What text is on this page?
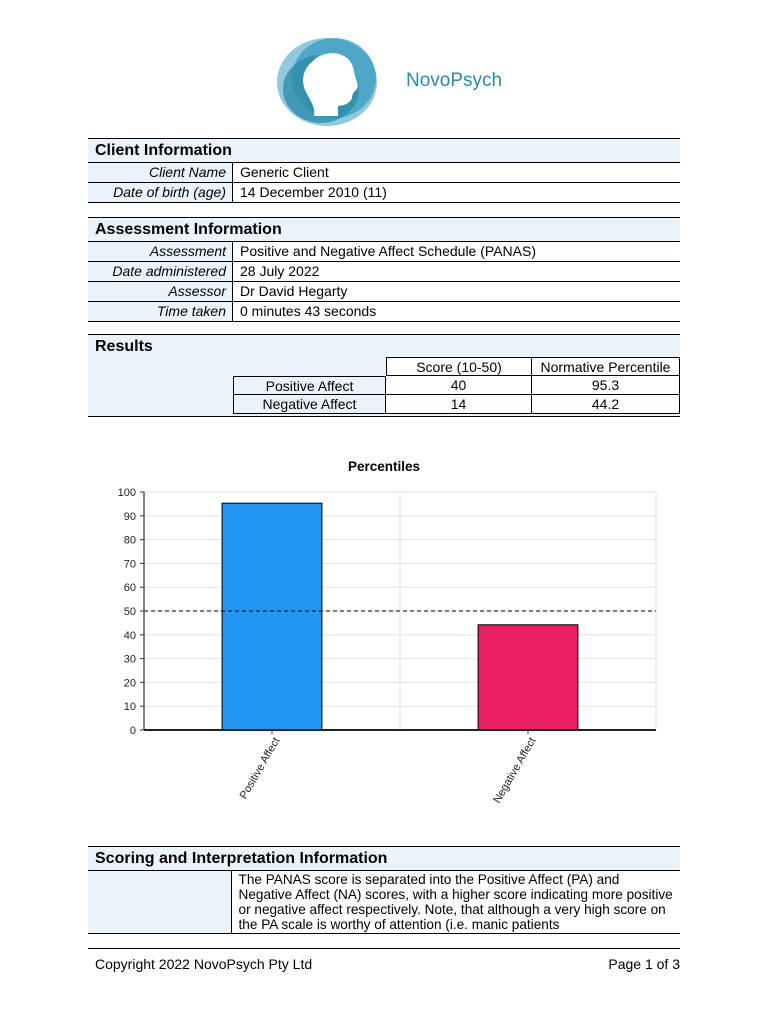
NovoPsych
Client Information
Client Name	Generic Client
Date of birth (age)	14 December 2010 (11)
Assessment Information
Assessment	Positive and Negative Affect Schedule (PANAS)
Date administered	28 July 2022
Assessor	Dr David Hegarty
Time taken	0 minutes 43 seconds
Results
Score (10-50)	Normative Percentile
Positive Affect	40	95.3
Negative Affect	14	44.2
Percentiles
0
10
20
30
40
50
60
70
80
90
100
Positive Affect	Negative Affect
Scoring and Interpretation Information
The PANAS score is separated into the Positive Affect (PA) and Negative Affect (NA) scores, with a higher score indicating more positive or negative affect respectively. Note, that although a very high score on the PA scale is worthy of attention (i.e. manic patients
Copyright 2022 NovoPsych Pty Ltd	Page 1 of 3
